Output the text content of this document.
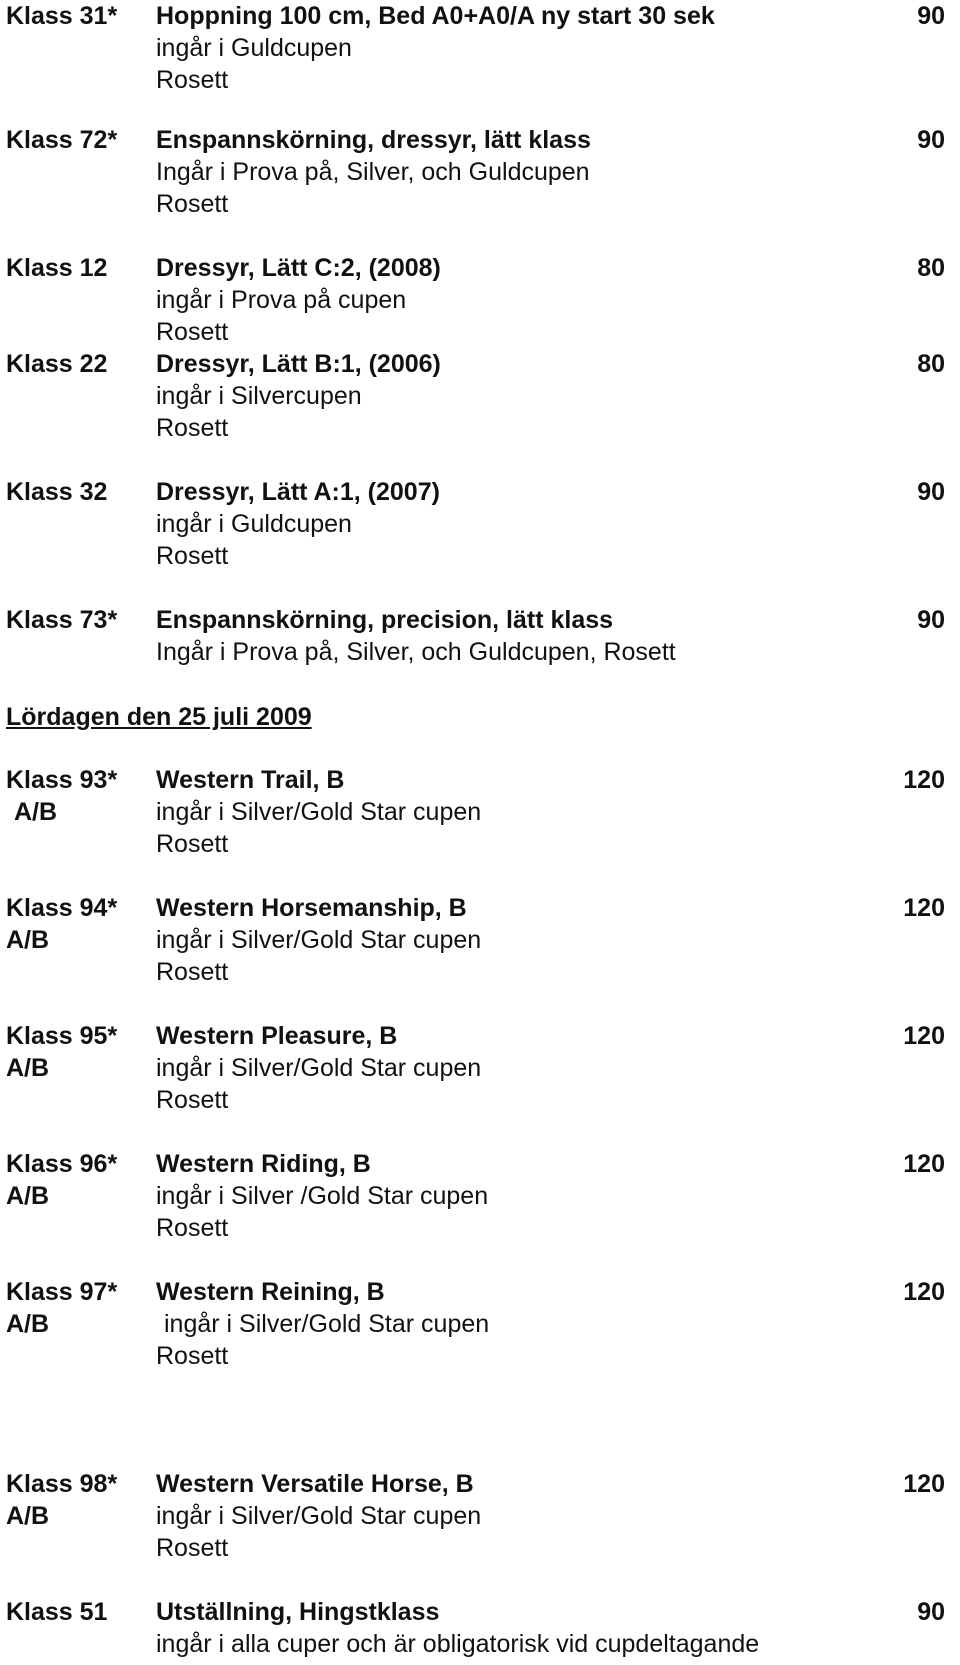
Klass 31* Hoppning 100 cm, Bed A0+A0/A ny start 30 sek	90
ingår i Guldcupen
Rosett
Klass 72* Enspannskörning, dressyr, lätt klass	90
Ingår i Prova på, Silver, och Guldcupen
Rosett
Klass 12 Dressyr, Lätt C:2, (2008)	80
ingår i Prova på cupen
Rosett
Klass 22 Dressyr, Lätt B:1, (2006)	80
ingår i Silvercupen
Rosett
Klass 32 Dressyr, Lätt A:1, (2007)	90
ingår i Guldcupen
Rosett
Klass 73* Enspannskörning, precision, lätt klass	90
Ingår i Prova på, Silver, och Guldcupen, Rosett
Lördagen den 25 juli 2009
Klass 93*
A/B
Western Trail, B	120
ingår i Silver/Gold Star cupen
Rosett
Klass 94*
A/B
Western Horsemanship, B	120
ingår i Silver/Gold Star cupen
Rosett
Klass 95*
A/B
Western Pleasure, B	120
ingår i Silver/Gold Star cupen
Rosett
Klass 96*
A/B
Western Riding, B	120
ingår i Silver /Gold Star cupen
Rosett
Klass 97*
A/B
Western Reining, B	120
ingår i Silver/Gold Star cupen
Rosett
Klass 98*
A/B
Western Versatile Horse, B	120
ingår i Silver/Gold Star cupen
Rosett
Klass 51 Utställning, Hingstklass	90
ingår i alla cuper och är obligatorisk vid cupdeltagande
